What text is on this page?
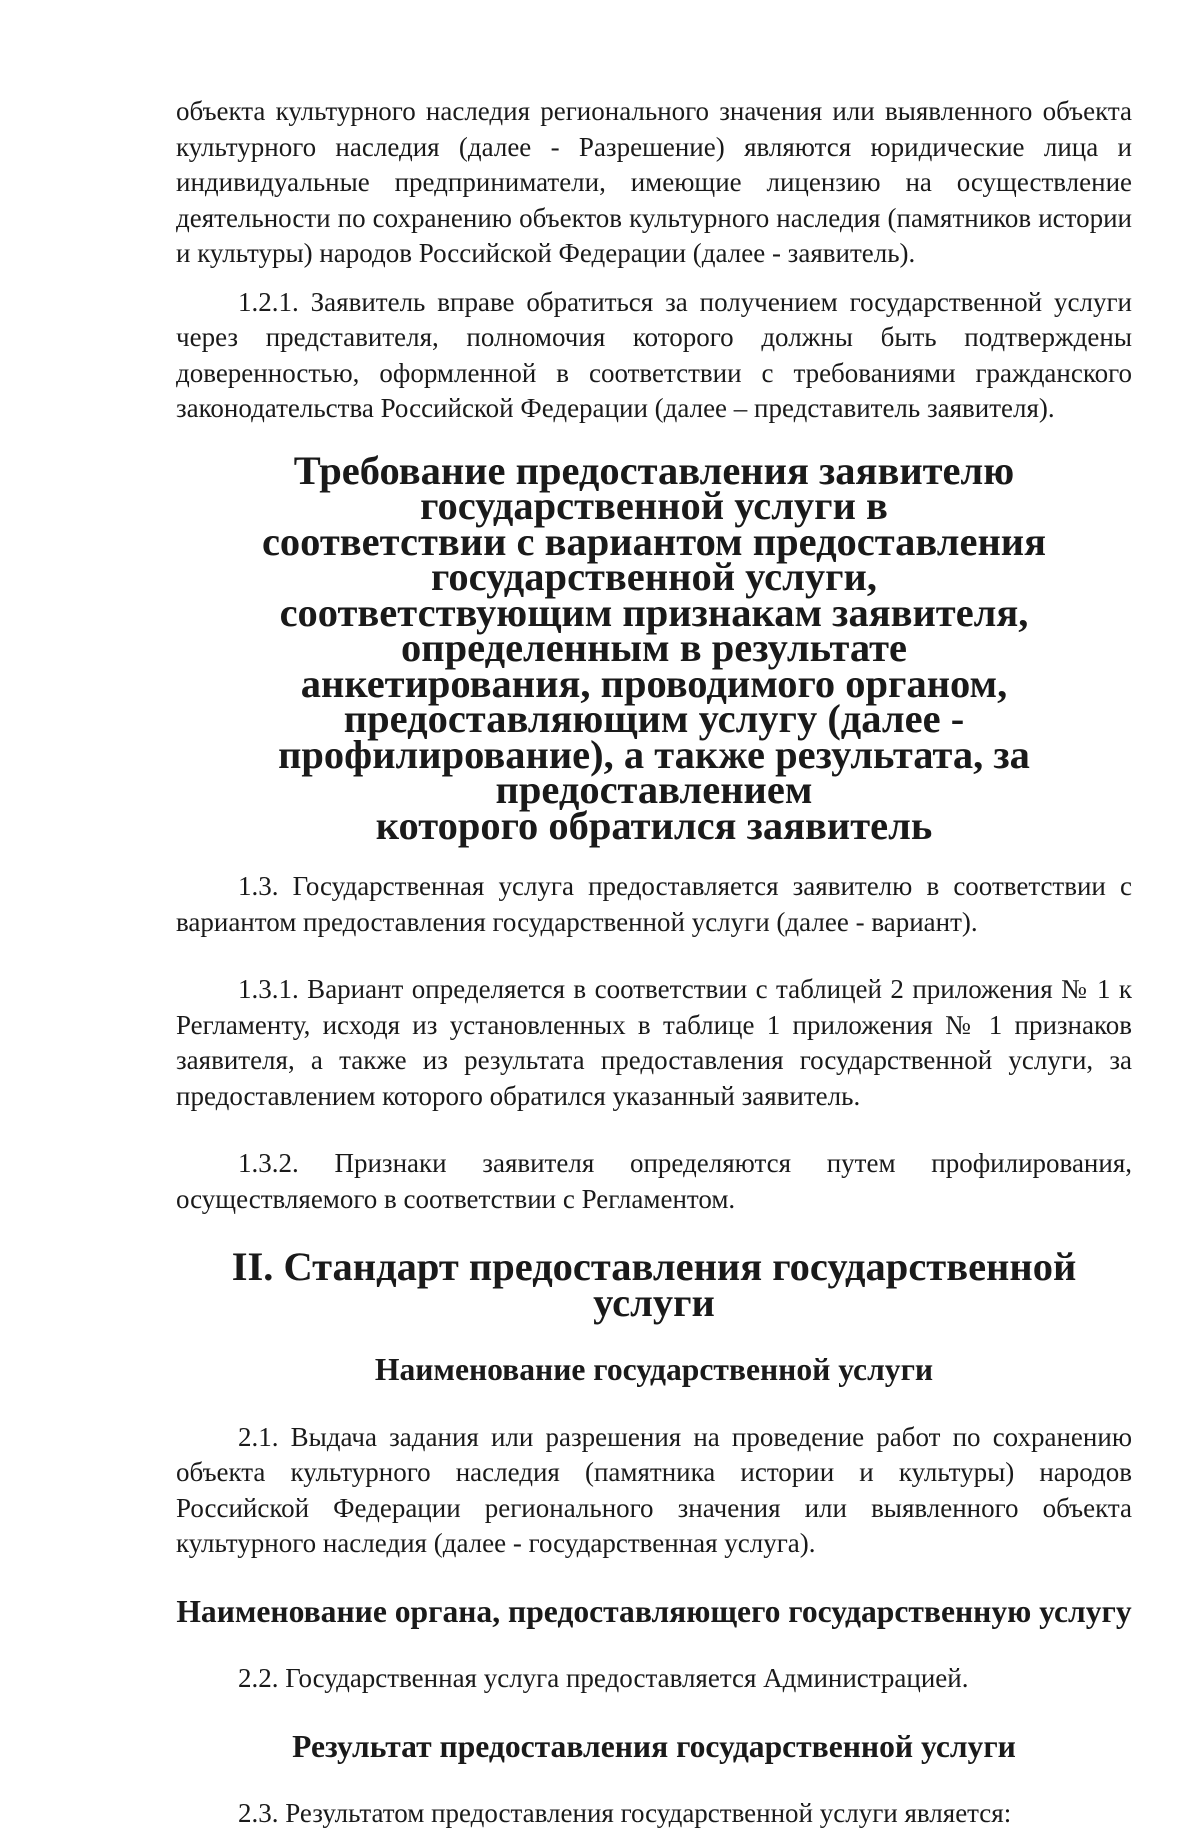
объекта культурного наследия регионального значения или выявленного объекта культурного наследия (далее - Разрешение) являются юридические лица и индивидуальные предприниматели, имеющие лицензию на осуществление деятельности по сохранению объектов культурного наследия (памятников истории и культуры) народов Российской Федерации (далее - заявитель).

1.2.1. Заявитель вправе обратиться за получением государственной услуги через представителя, полномочия которого должны быть подтверждены доверенностью, оформленной в соответствии с требованиями гражданского законодательства Российской Федерации (далее – представитель заявителя).

Требование предоставления заявителю государственной услуги в
соответствии с вариантом предоставления государственной услуги,
соответствующим признакам заявителя, определенным в результате
анкетирования, проводимого органом, предоставляющим услугу (далее -
профилирование), а также результата, за предоставлением
которого обратился заявитель

1.3. Государственная услуга предоставляется заявителю в соответствии с вариантом предоставления государственной услуги (далее - вариант).

1.3.1. Вариант определяется в соответствии с таблицей 2 приложения № 1 к Регламенту, исходя из установленных в таблице 1 приложения № 1 признаков заявителя, а также из результата предоставления государственной услуги, за предоставлением которого обратился указанный заявитель.

1.3.2. Признаки заявителя определяются путем профилирования, осуществляемого в соответствии с Регламентом.

II. Стандарт предоставления государственной услуги
Наименование государственной услуги

2.1. Выдача задания или разрешения на проведение работ по сохранению объекта культурного наследия (памятника истории и культуры) народов Российской Федерации регионального значения или выявленного объекта культурного наследия (далее - государственная услуга).

Наименование органа, предоставляющего государственную услугу

2.2. Государственная услуга предоставляется Администрацией.

Результат предоставления государственной услуги

2.3. Результатом предоставления государственной услуги является:
